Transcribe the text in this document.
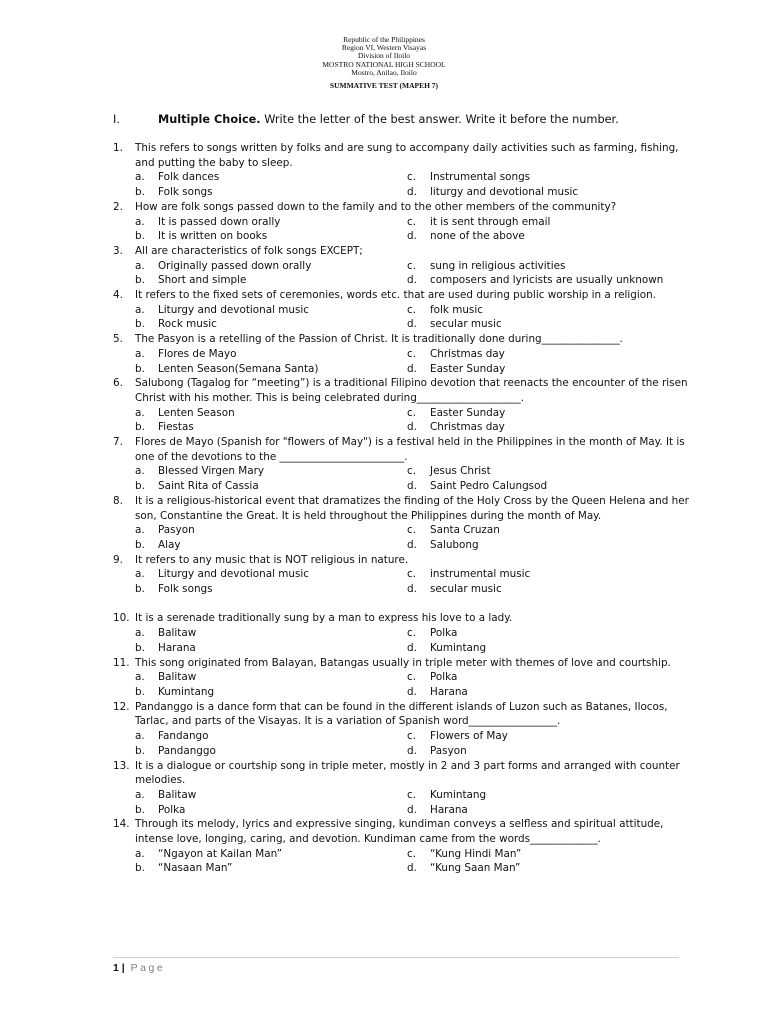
Republic of the Philippines
Region VI, Western Visayas
Division of Iloilo
MOSTRO NATIONAL HIGH SCHOOL
Mostro, Anilao, Iloilo
SUMMATIVE TEST (MAPEH 7)
I.	Multiple Choice. Write the letter of the best answer. Write it before the number.
1.	This refers to songs written by folks and are sung to accompany daily activities such as farming, fishing, and putting the baby to sleep.
a.	Folk dances	c.	Instrumental songs
b.	Folk songs	d.	liturgy and devotional music
2.	How are folk songs passed down to the family and to the other members of the community?
a.	It is passed down orally	c.	it is sent through email
b.	It is written on books	d.	none of the above
3.	All are characteristics of folk songs EXCEPT;
a.	Originally passed down orally	c.	sung in religious activities
b.	Short and simple	d.	composers and lyricists are usually unknown
4.	It refers to the fixed sets of ceremonies, words etc. that are used during public worship in a religion.
a.	Liturgy and devotional music	c.	folk music
b.	Rock music	d.	secular music
5.	The Pasyon is a retelling of the Passion of Christ. It is traditionally done during_______________.
a.	Flores de Mayo	c.	Christmas day
b.	Lenten Season(Semana Santa)	d.	Easter Sunday
6.	Salubong (Tagalog for “meeting”) is a traditional Filipino devotion that reenacts the encounter of the risen Christ with his mother. This is being celebrated during____________________.
a.	Lenten Season	c.	Easter Sunday
b.	Fiestas	d.	Christmas day
7.	Flores de Mayo (Spanish for "flowers of May") is a festival held in the Philippines in the month of May. It is one of the devotions to the ________________________.
a.	Blessed Virgen Mary	c.	Jesus Christ
b.	Saint Rita of Cassia	d.	Saint Pedro Calungsod
8.	It is a religious-historical event that dramatizes the finding of the Holy Cross by the Queen Helena and her son, Constantine the Great. It is held throughout the Philippines during the month of May.
a.	Pasyon	c.	Santa Cruzan
b.	Alay	d.	Salubong
9.	It refers to any music that is NOT religious in nature.
a.	Liturgy and devotional music	c.	instrumental music
b.	Folk songs	d.	secular music
10. It is a serenade traditionally sung by a man to express his love to a lady.
a.	Balitaw	c.	Polka
b.	Harana	d.	Kumintang
11. This song originated from Balayan, Batangas usually in triple meter with themes of love and courtship.
a.	Balitaw	c.	Polka
b.	Kumintang	d.	Harana
12. Pandanggo is a dance form that can be found in the different islands of Luzon such as Batanes, Ilocos, Tarlac, and parts of the Visayas. It is a variation of Spanish word_________________.
a.	Fandango	c.	Flowers of May
b.	Pandanggo	d.	Pasyon
13. It is a dialogue or courtship song in triple meter, mostly in 2 and 3 part forms and arranged with counter melodies.
a.	Balitaw	c.	Kumintang
b.	Polka	d.	Harana
14. Through its melody, lyrics and expressive singing, kundiman conveys a selfless and spiritual attitude, intense love, longing, caring, and devotion. Kundiman came from the words_____________.
a.	“Ngayon at Kailan Man”	c.	“Kung Hindi Man”
b.	“Nasaan Man”	d.	“Kung Saan Man”
1 | Page
